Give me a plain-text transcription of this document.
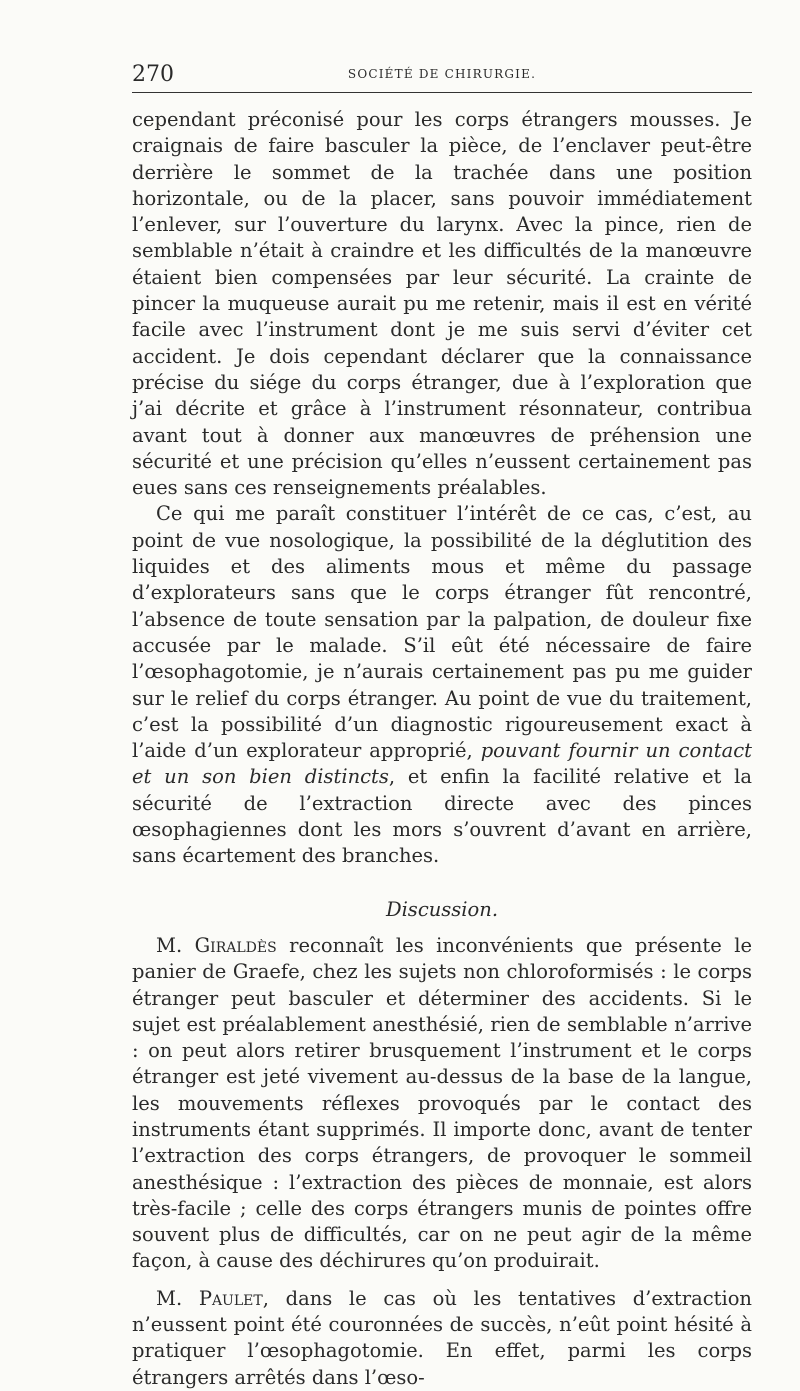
270	SOCIÉTÉ DE CHIRURGIE.

cependant préconisé pour les corps étrangers mousses. Je craignais de faire basculer la pièce, de l’enclaver peut-être derrière le sommet de la trachée dans une position horizontale, ou de la placer, sans pouvoir immédiatement l’enlever, sur l’ouverture du larynx. Avec la pince, rien de semblable n’était à craindre et les difficultés de la manœuvre étaient bien compensées par leur sécurité. La crainte de pincer la muqueuse aurait pu me retenir, mais il est en vérité facile avec l’instrument dont je me suis servi d’éviter cet accident. Je dois cependant déclarer que la connaissance précise du siége du corps étranger, due à l’exploration que j’ai décrite et grâce à l’instrument résonnateur, contribua avant tout à donner aux manœuvres de préhension une sécurité et une précision qu’elles n’eussent certainement pas eues sans ces renseignements préalables.

Ce qui me paraît constituer l’intérêt de ce cas, c’est, au point de vue nosologique, la possibilité de la déglutition des liquides et des aliments mous et même du passage d’explorateurs sans que le corps étranger fût rencontré, l’absence de toute sensation par la palpation, de douleur fixe accusée par le malade. S’il eût été nécessaire de faire l’œsophagotomie, je n’aurais certainement pas pu me guider sur le relief du corps étranger. Au point de vue du traitement, c’est la possibilité d’un diagnostic rigoureusement exact à l’aide d’un explorateur approprié, pouvant fournir un contact et un son bien distincts, et enfin la facilité relative et la sécurité de l’extraction directe avec des pinces œsophagiennes dont les mors s’ouvrent d’avant en arrière, sans écartement des branches.

Discussion.

M. Giraldès reconnaît les inconvénients que présente le panier de Graefe, chez les sujets non chloroformisés : le corps étranger peut basculer et déterminer des accidents. Si le sujet est préalablement anesthésié, rien de semblable n’arrive : on peut alors retirer brusquement l’instrument et le corps étranger est jeté vivement au-dessus de la base de la langue, les mouvements réflexes provoqués par le contact des instruments étant supprimés. Il importe donc, avant de tenter l’extraction des corps étrangers, de provoquer le sommeil anesthésique : l’extraction des pièces de monnaie, est alors très-facile ; celle des corps étrangers munis de pointes offre souvent plus de difficultés, car on ne peut agir de la même façon, à cause des déchirures qu’on produirait.

M. Paulet, dans le cas où les tentatives d’extraction n’eussent point été couronnées de succès, n’eût point hésité à pratiquer l’œsophagotomie. En effet, parmi les corps étrangers arrêtés dans l’œso-
